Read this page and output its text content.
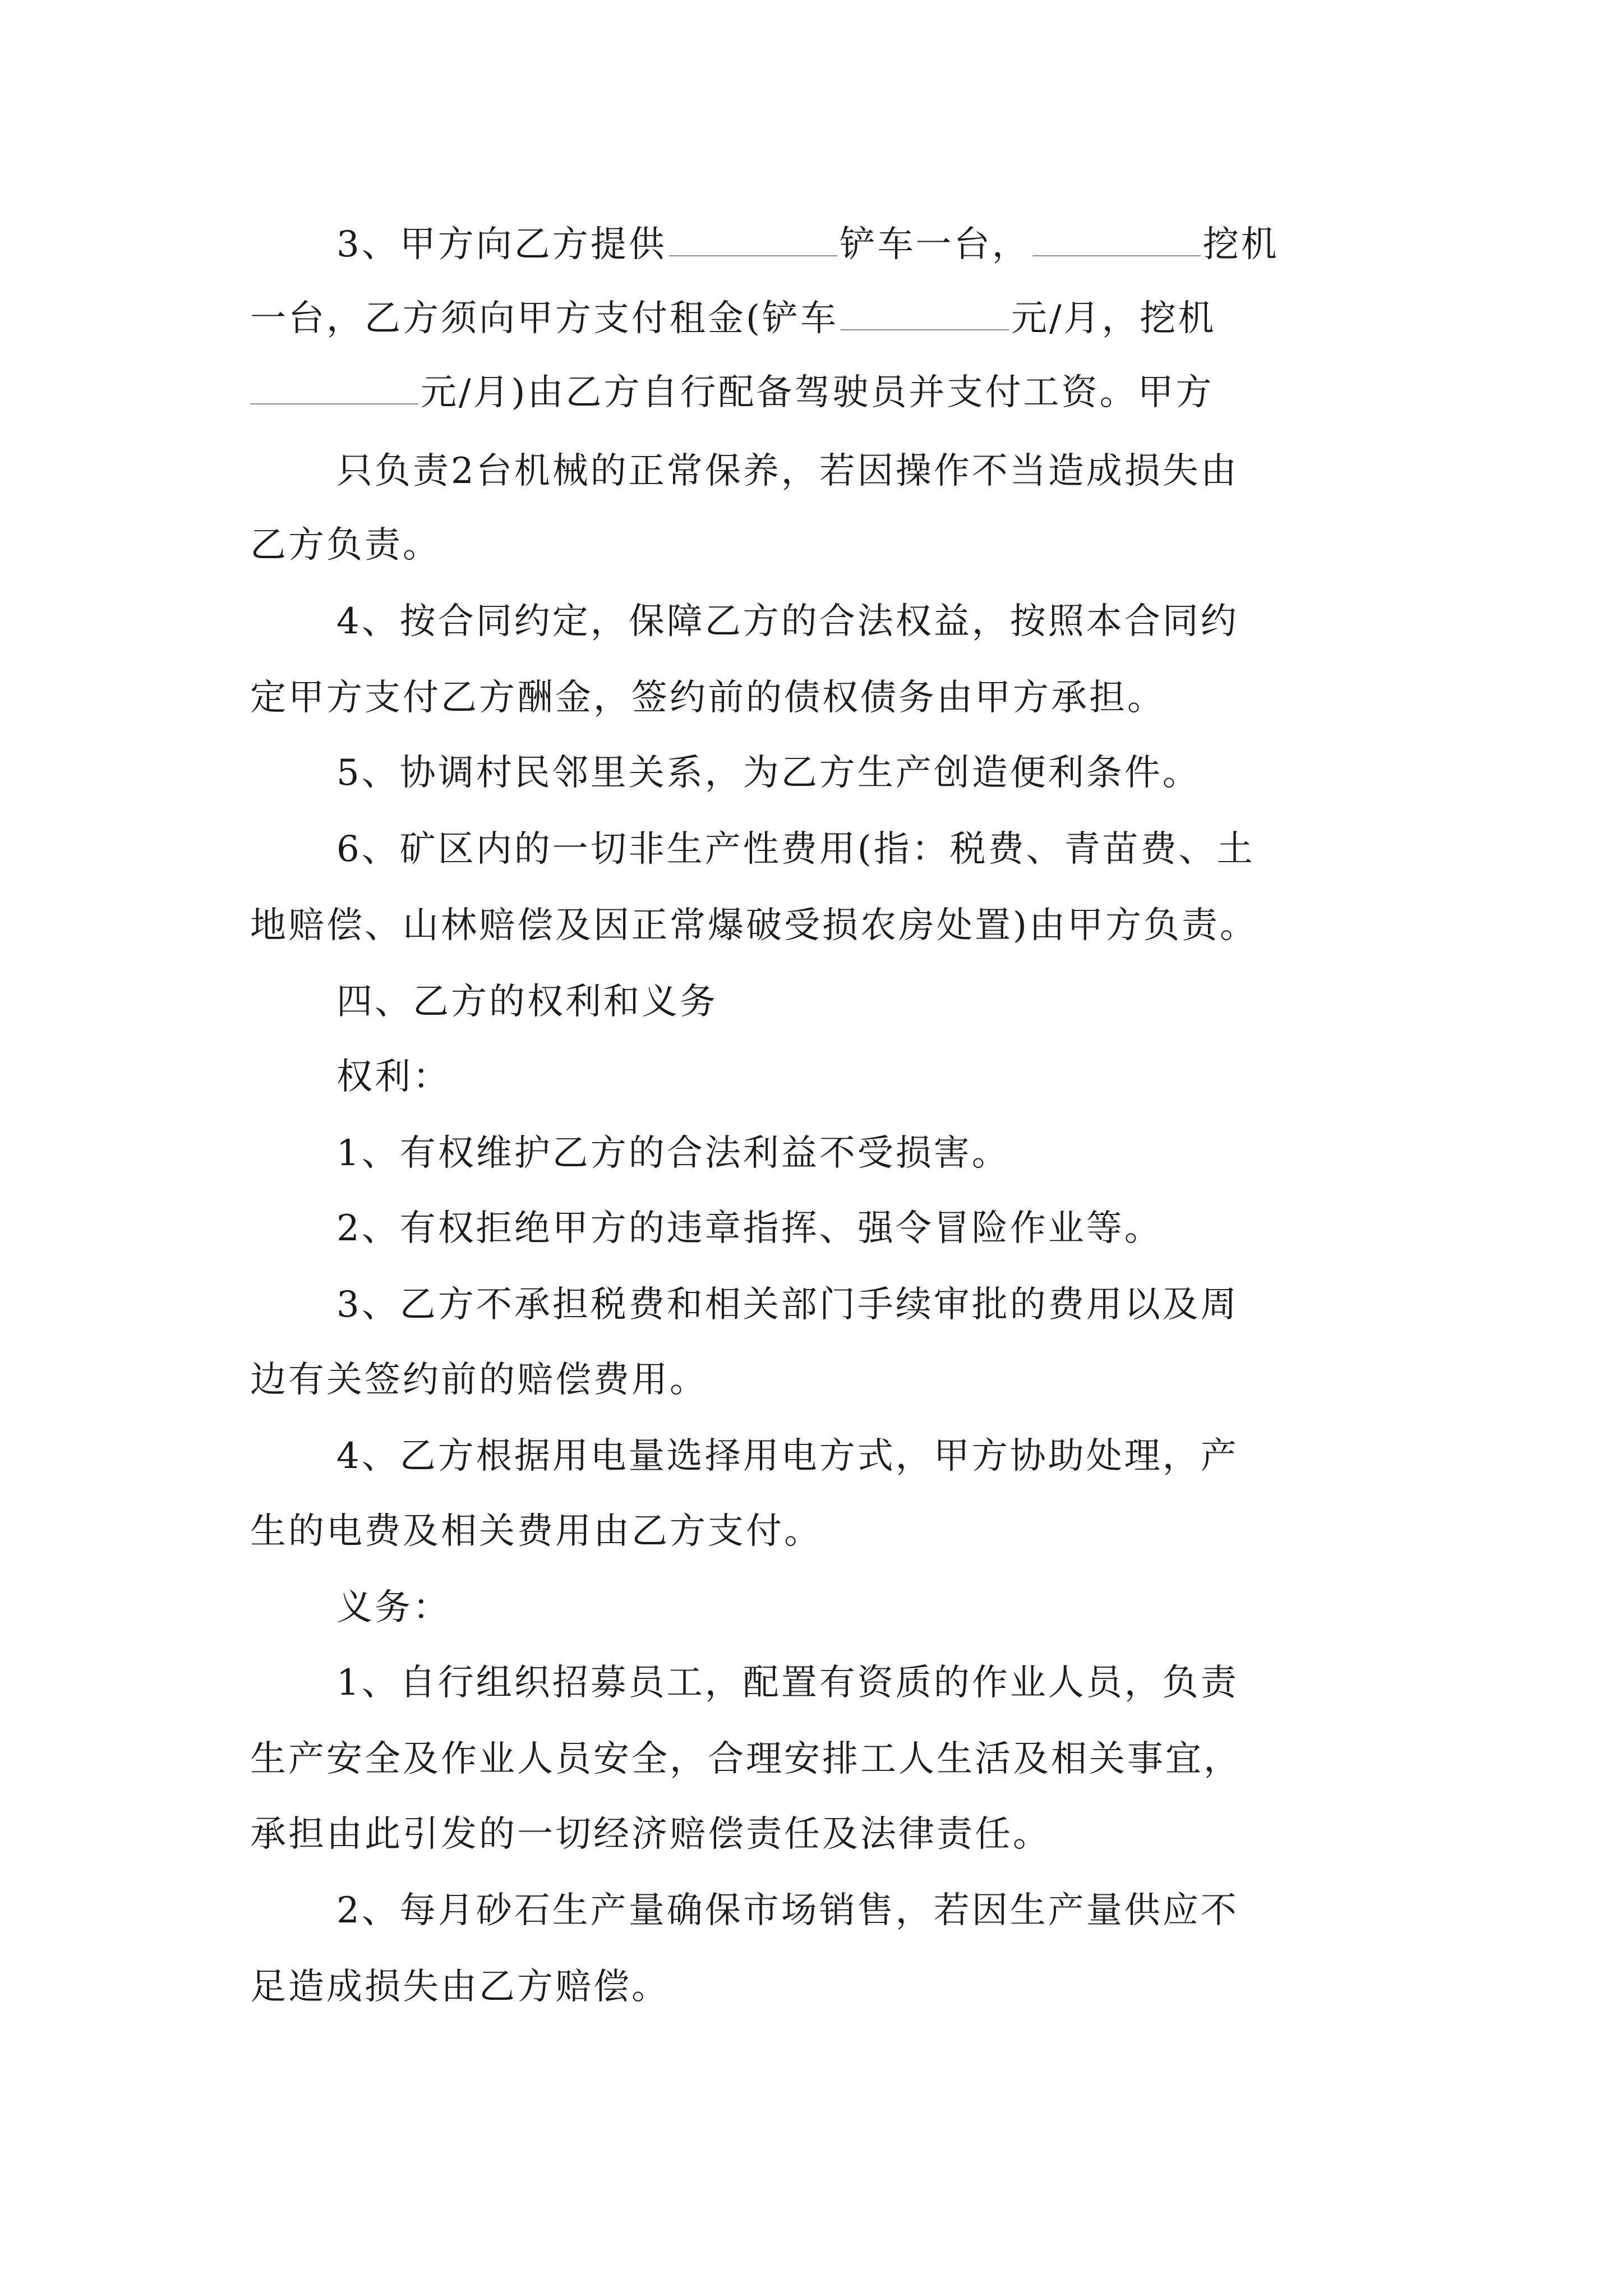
3、甲方向乙方提供	铲车一台，	挖机
一台，乙方须向甲方支付租金(铲车	元/月，挖机
元/月)由乙方自行配备驾驶员并支付工资。甲方
只负责2台机械的正常保养，若因操作不当造成损失由
乙方负责。
4、按合同约定，保障乙方的合法权益，按照本合同约
定甲方支付乙方酬金，签约前的债权债务由甲方承担。
5、协调村民邻里关系，为乙方生产创造便利条件。
6、矿区内的一切非生产性费用(指：税费、青苗费、土
地赔偿、山林赔偿及因正常爆破受损农房处置)由甲方负责。
四、乙方的权利和义务
权利：
1、有权维护乙方的合法利益不受损害。
2、有权拒绝甲方的违章指挥、强令冒险作业等。
3、乙方不承担税费和相关部门手续审批的费用以及周
边有关签约前的赔偿费用。
4、乙方根据用电量选择用电方式，甲方协助处理，产
生的电费及相关费用由乙方支付。
义务：
1、自行组织招募员工，配置有资质的作业人员，负责
生产安全及作业人员安全，合理安排工人生活及相关事宜，
承担由此引发的一切经济赔偿责任及法律责任。
2、每月砂石生产量确保市场销售，若因生产量供应不
足造成损失由乙方赔偿。
